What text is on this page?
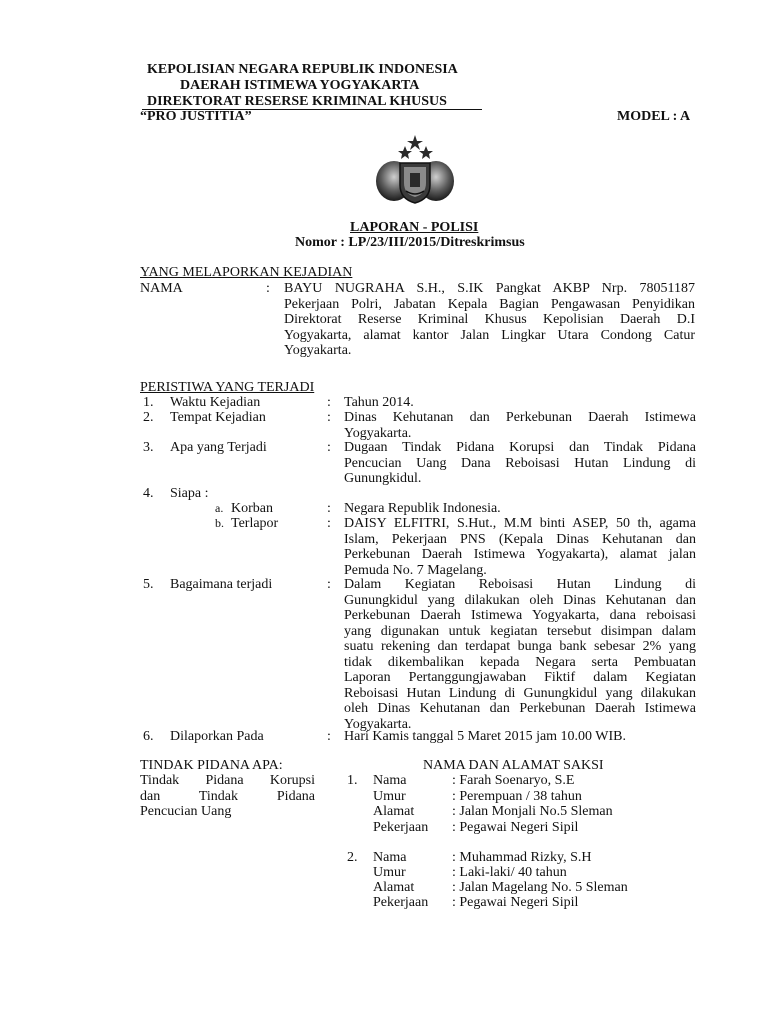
KEPOLISIAN NEGARA REPUBLIK INDONESIA
DAERAH ISTIMEWA YOGYAKARTA
DIREKTORAT RESERSE KRIMINAL KHUSUS
“PRO JUSTITIA”	MODEL : A
LAPORAN - POLISI
Nomor : LP/23/III/2015/Ditreskrimsus
YANG MELAPORKAN KEJADIAN
NAMA	: BAYU NUGRAHA S.H., S.IK Pangkat AKBP Nrp. 78051187
Pekerjaan Polri, Jabatan Kepala Bagian Pengawasan Penyidikan
Direktorat Reserse Kriminal Khusus Kepolisian Daerah D.I
Yogyakarta, alamat kantor Jalan Lingkar Utara Condong Catur
Yogyakarta.
PERISTIWA YANG TERJADI
1. Waktu Kejadian	: Tahun 2014.
2. Tempat Kejadian	: Dinas Kehutanan dan Perkebunan Daerah Istimewa
Yogyakarta.
3. Apa yang Terjadi	: Dugaan Tindak Pidana Korupsi dan Tindak Pidana
Pencucian Uang Dana Reboisasi Hutan Lindung di
Gunungkidul.
4. Siapa :
a. Korban	: Negara Republik Indonesia.
b. Terlapor	: DAISY ELFITRI, S.Hut., M.M binti ASEP, 50 th, agama
Islam, Pekerjaan PNS (Kepala Dinas Kehutanan dan
Perkebunan Daerah Istimewa Yogyakarta), alamat jalan
Pemuda No. 7 Magelang.
5. Bagaimana terjadi	: Dalam Kegiatan Reboisasi Hutan Lindung di
Gunungkidul yang dilakukan oleh Dinas Kehutanan dan
Perkebunan Daerah Istimewa Yogyakarta, dana reboisasi
yang digunakan untuk kegiatan tersebut disimpan dalam
suatu rekening dan terdapat bunga bank sebesar 2% yang
tidak dikembalikan kepada Negara serta Pembuatan
Laporan Pertanggungjawaban Fiktif dalam Kegiatan
Reboisasi Hutan Lindung di Gunungkidul yang dilakukan
oleh Dinas Kehutanan dan Perkebunan Daerah Istimewa
Yogyakarta.
6. Dilaporkan Pada	: Hari Kamis tanggal 5 Maret 2015 jam 10.00 WIB.
TINDAK PIDANA APA:
Tindak Pidana Korupsi
dan Tindak Pidana
Pencucian Uang
NAMA DAN ALAMAT SAKSI
1. Nama	: Farah Soenaryo, S.E
Umur	: Perempuan / 38 tahun
Alamat	: Jalan Monjali No.5 Sleman
Pekerjaan : Pegawai Negeri Sipil
2. Nama	: Muhammad Rizky, S.H
Umur	: Laki-laki/ 40 tahun
Alamat	: Jalan Magelang No. 5 Sleman
Pekerjaan : Pegawai Negeri Sipil
